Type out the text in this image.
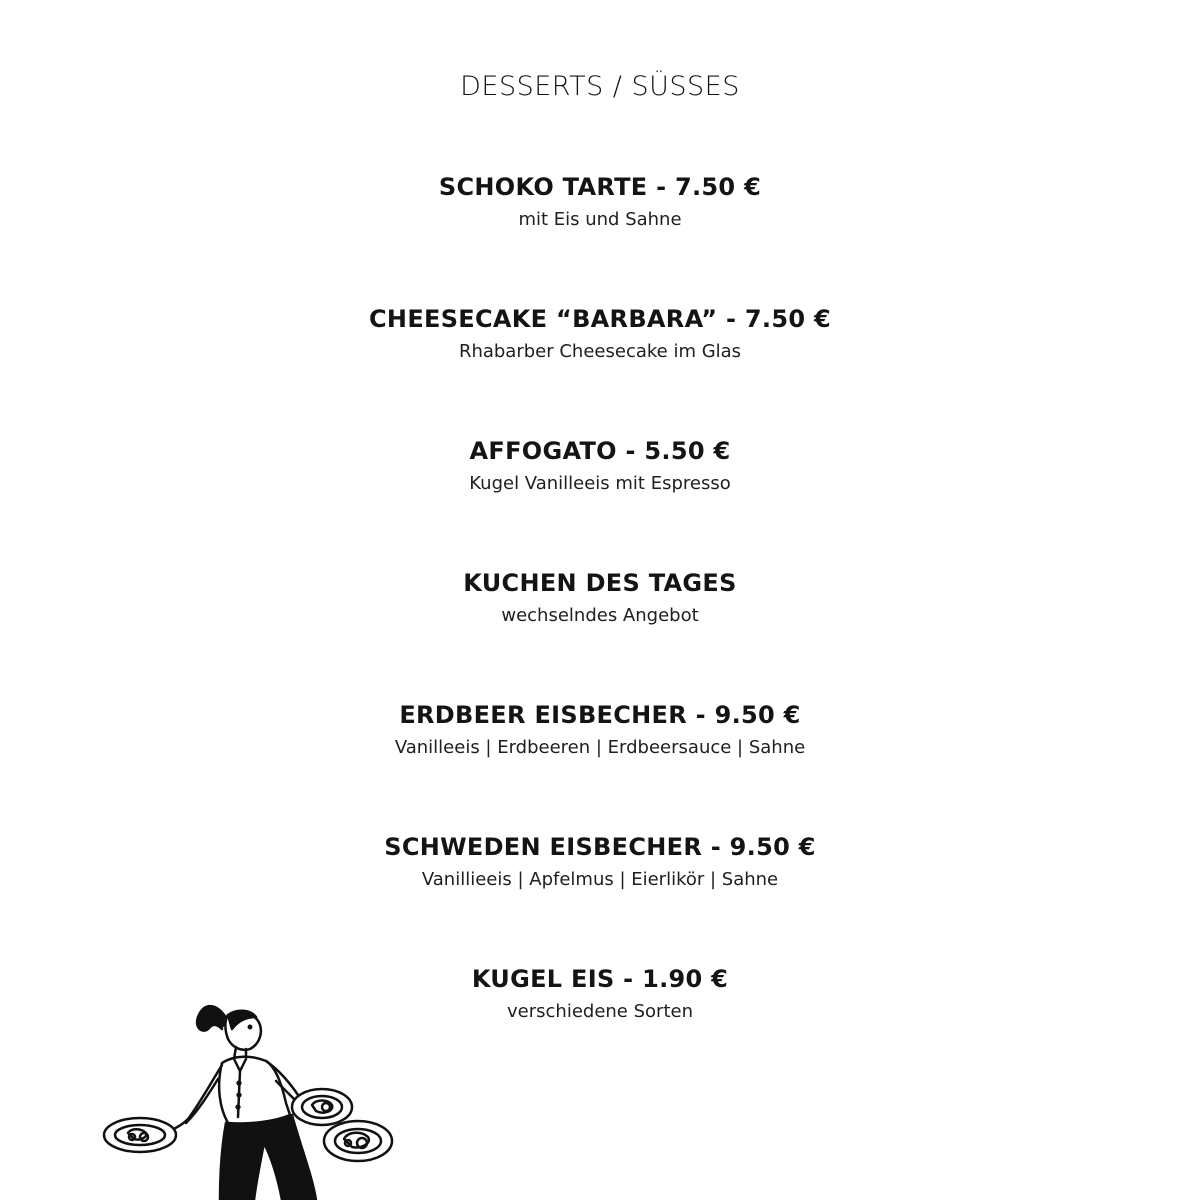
DESSERTS / SÜSSES

SCHOKO TARTE - 7.50 €

mit Eis und Sahne

CHEESECAKE “BARBARA” - 7.50 €

Rhabarber Cheesecake im Glas

AFFOGATO - 5.50 €

Kugel Vanilleeis mit Espresso

KUCHEN DES TAGES

wechselndes Angebot

ERDBEER EISBECHER - 9.50 €

Vanilleeis | Erdbeeren | Erdbeersauce | Sahne

SCHWEDEN EISBECHER - 9.50 €

Vanillieeis | Apfelmus | Eierlikör | Sahne

KUGEL EIS - 1.90 €

verschiedene Sorten
